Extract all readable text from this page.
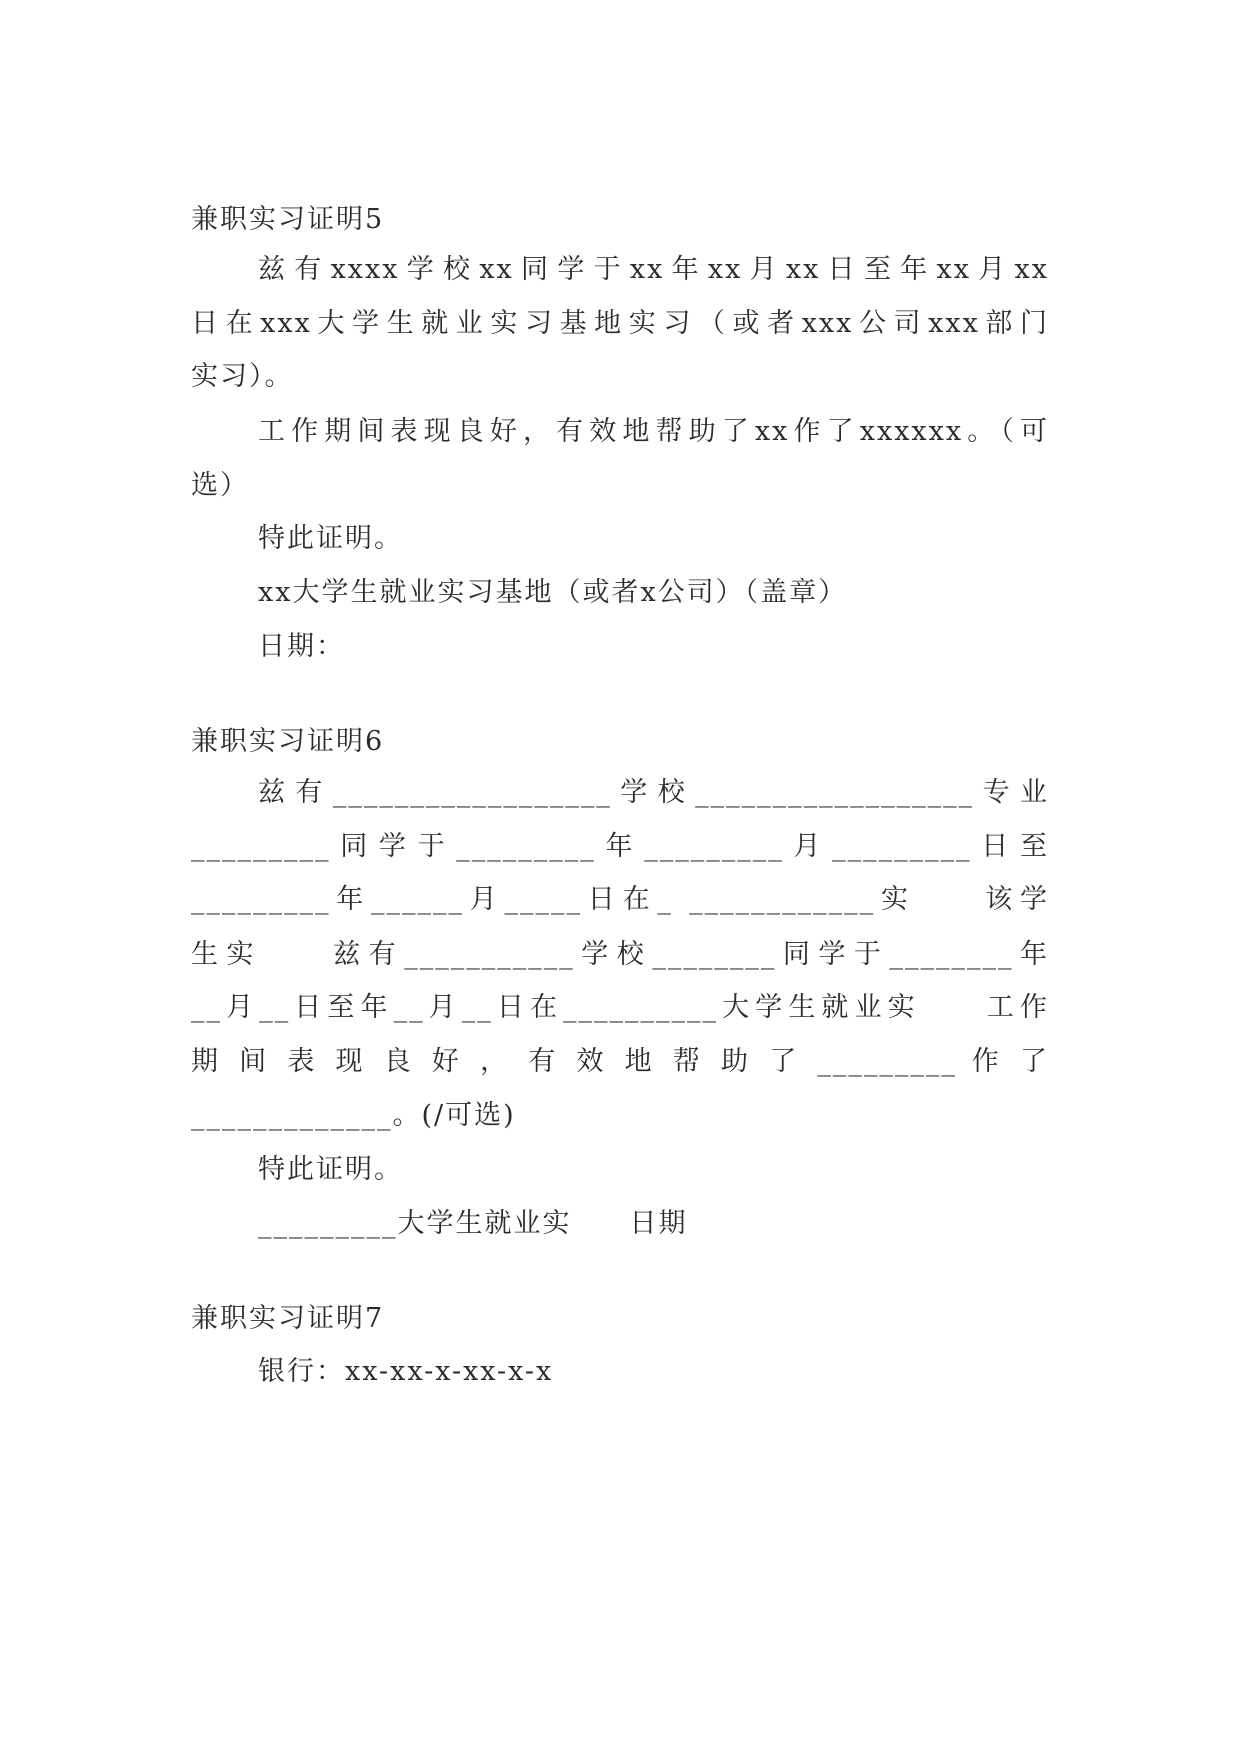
兼职实习证明5
兹有xxxx学校xx同学于xx年xx月xx日至年xx月xx
日在xxx大学生就业实习基地实习（或者xxx公司xxx部门
实习）。
工作期间表现良好，有效地帮助了xx作了xxxxxx。（可
选）
特此证明。
xx大学生就业实习基地（或者x公司）（盖章）
日期：
兼职实习证明6
兹有__________________学校__________________专业
_________同学于_________年_________月_________日至
_________年______月_____日在_ ____________实　　该学
生实　　兹有___________学校________同学于________年
__月__日至年__月__日在__________大学生就业实　　工作
期 间 表 现 良 好 ， 有 效 地 帮 助 了 _________ 作 了
_____________。(/可选)
特此证明。
_________大学生就业实　　日期
兼职实习证明7
银行：xx-xx-x-xx-x-x
